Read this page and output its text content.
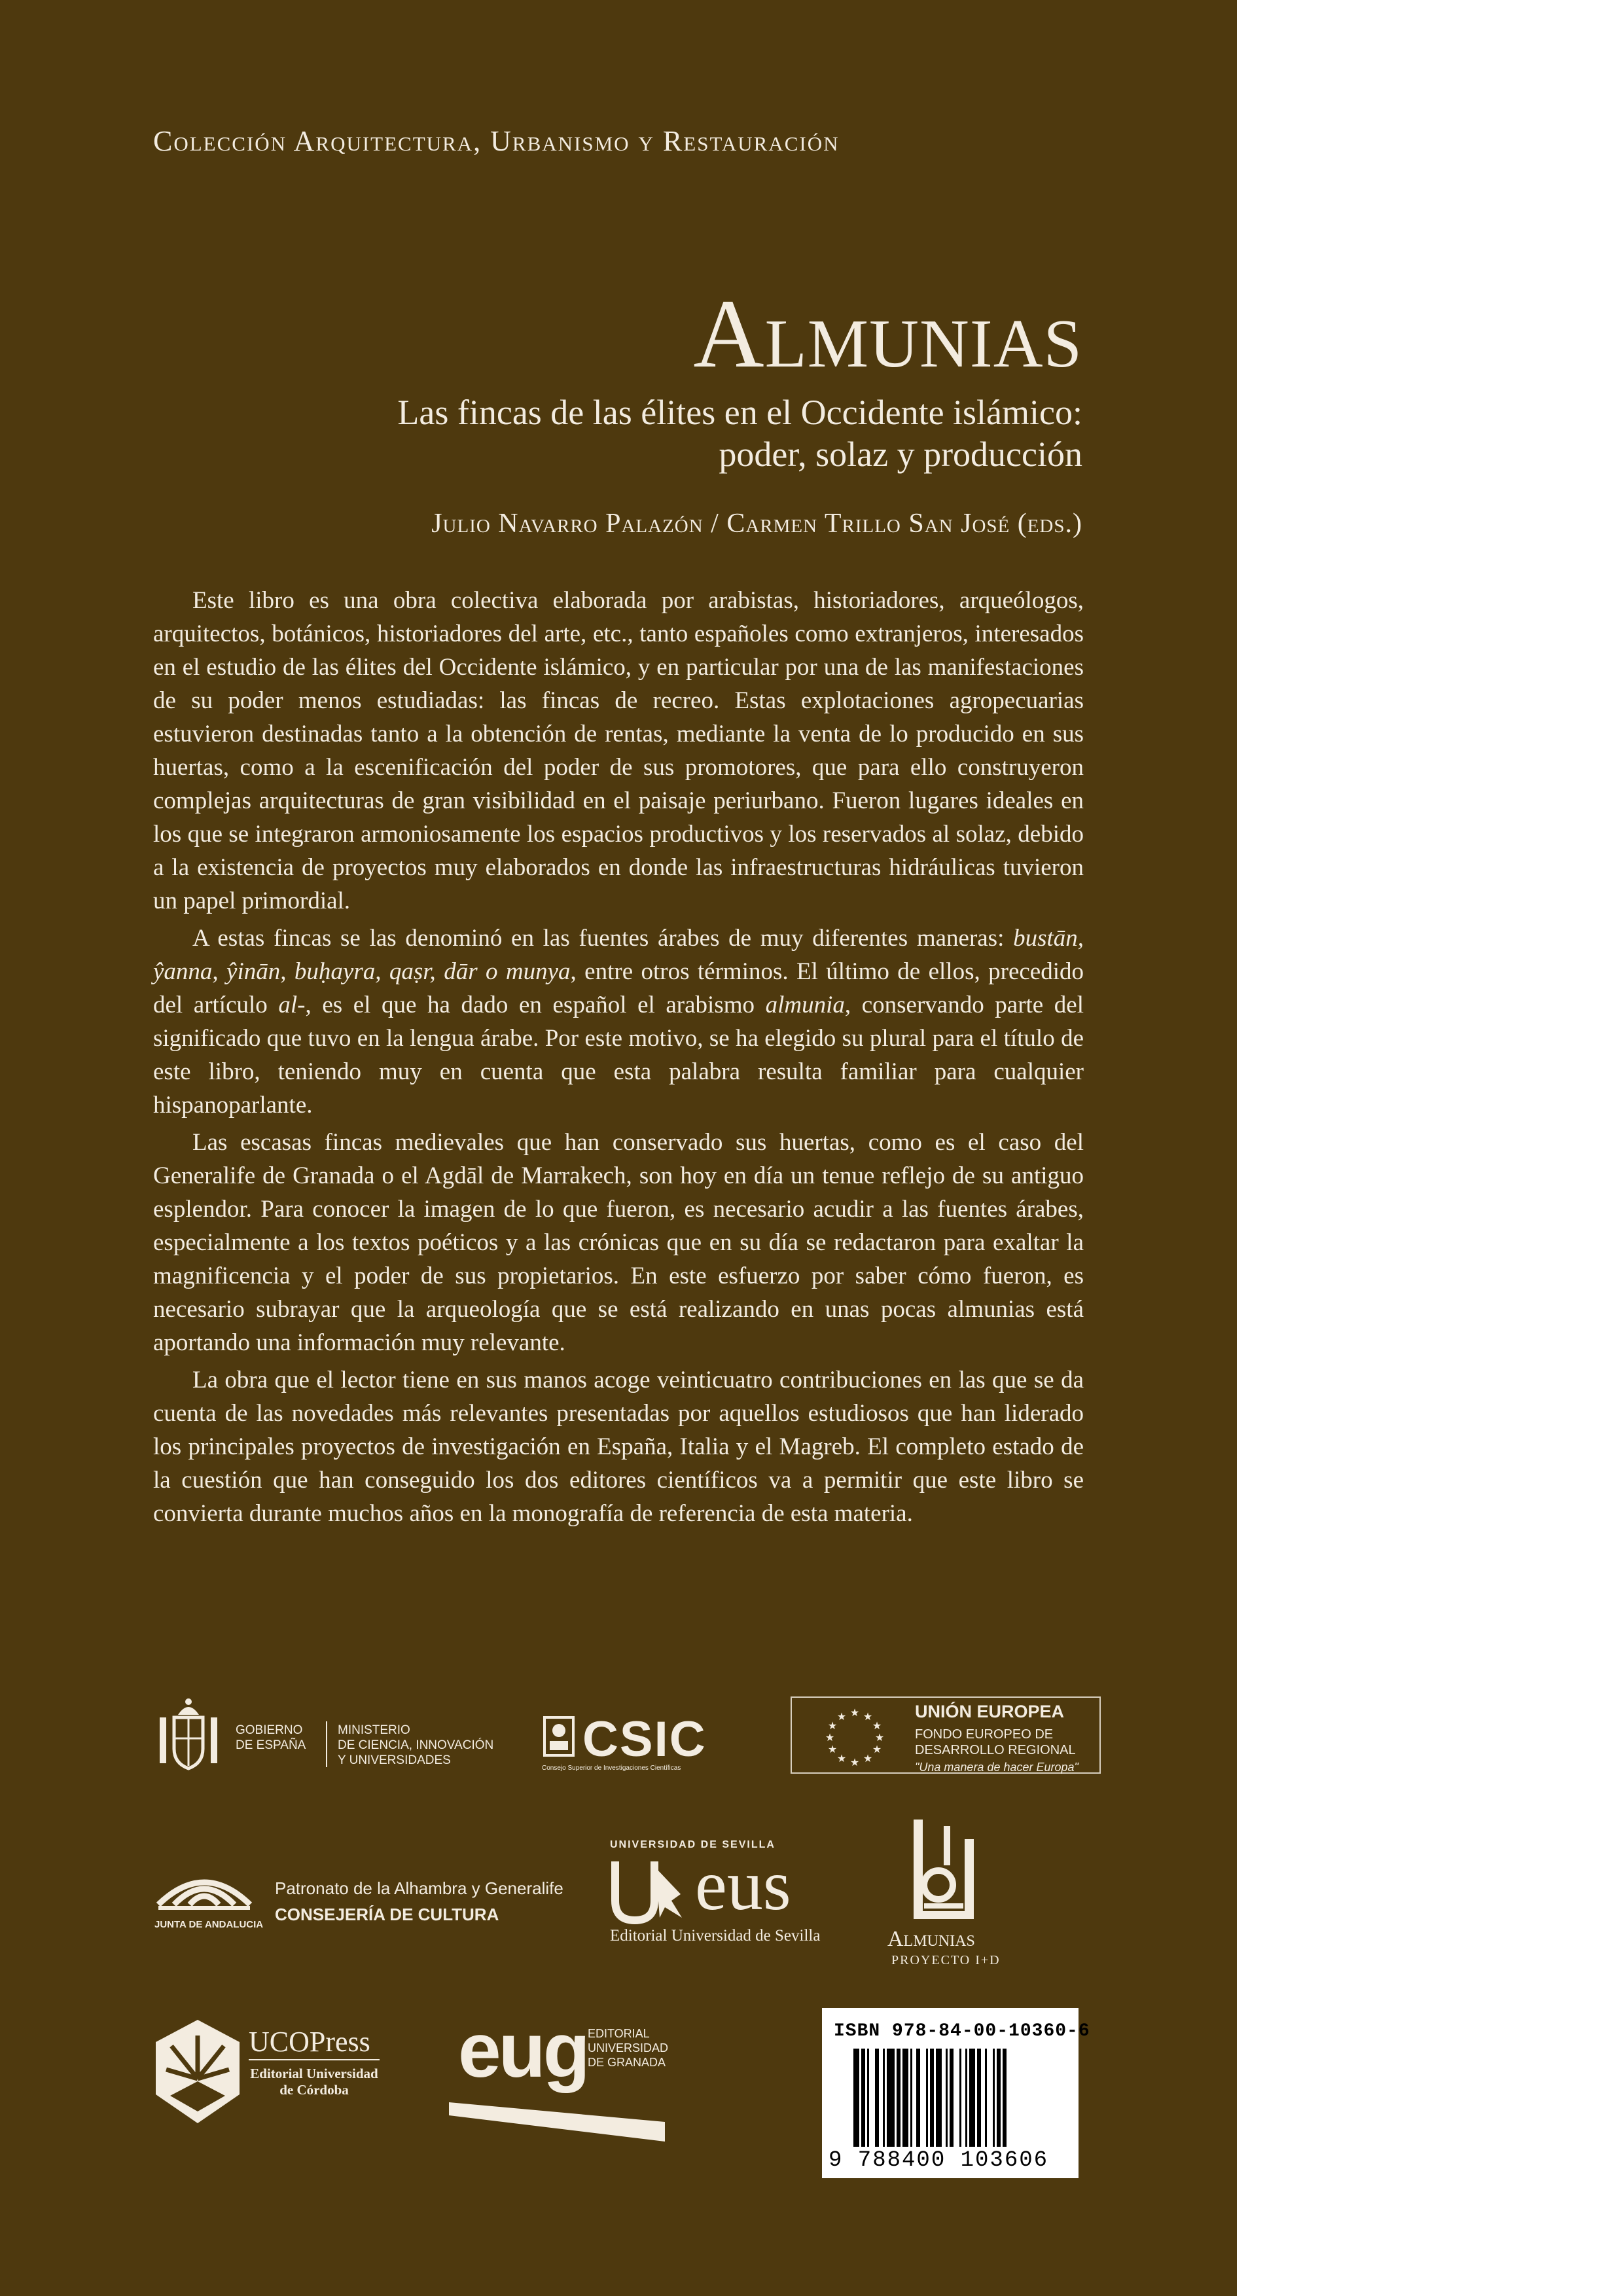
Colección Arquitectura, Urbanismo y Restauración
Almunias
Las fincas de las élites en el Occidente islámico:
poder, solaz y producción
Julio Navarro Palazón / Carmen Trillo San José (eds.)

Este libro es una obra colectiva elaborada por arabistas, historiadores, arqueólogos, arquitectos, botánicos, historiadores del arte, etc., tanto españoles como extranjeros, interesados en el estudio de las élites del Occidente islámico, y en particular por una de las manifestaciones de su poder menos estudiadas: las fincas de recreo. Estas explotaciones agropecuarias estuvieron destinadas tanto a la obtención de rentas, mediante la venta de lo producido en sus huertas, como a la escenificación del poder de sus promotores, que para ello construyeron complejas arquitecturas de gran visibilidad en el paisaje periurbano. Fueron lugares ideales en los que se integraron armoniosamente los espacios productivos y los reservados al solaz, debido a la existencia de proyectos muy elaborados en donde las infraestructuras hidráulicas tuvieron un papel primordial.

A estas fincas se las denominó en las fuentes árabes de muy diferentes maneras: bustān, ŷanna, ŷinān, buḥayra, qaṣr, dār o munya, entre otros términos. El último de ellos, precedido del artículo al-, es el que ha dado en español el arabismo almunia, conservando parte del significado que tuvo en la lengua árabe. Por este motivo, se ha elegido su plural para el título de este libro, teniendo muy en cuenta que esta palabra resulta familiar para cualquier hispanoparlante.

Las escasas fincas medievales que han conservado sus huertas, como es el caso del Generalife de Granada o el Agdāl de Marrakech, son hoy en día un tenue reflejo de su antiguo esplendor. Para conocer la imagen de lo que fueron, es necesario acudir a las fuentes árabes, especialmente a los textos poéticos y a las crónicas que en su día se redactaron para exaltar la magnificencia y el poder de sus propietarios. En este esfuerzo por saber cómo fueron, es necesario subrayar que la arqueología que se está realizando en unas pocas almunias está aportando una información muy relevante.

La obra que el lector tiene en sus manos acoge veinticuatro contribuciones en las que se da cuenta de las novedades más relevantes presentadas por aquellos estudiosos que han liderado los principales proyectos de investigación en España, Italia y el Magreb. El completo estado de la cuestión que han conseguido los dos editores científicos va a permitir que este libro se convierta durante muchos años en la monografía de referencia de esta materia.

GOBIERNO
DE ESPAÑA
MINISTERIO
DE CIENCIA, INNOVACIÓN
Y UNIVERSIDADES	CSIC
Consejo Superior de Investigaciones Científicas
★ ★
★
★
★
★
★
★
★
★
★
★	UNIÓN EUROPEA
FONDO EUROPEO DE
DESARROLLO REGIONAL
"Una manera de hacer Europa"
JUNTA DE ANDALUCIA
Patronato de la Alhambra y Generalife
CONSEJERÍA DE CULTURA
UNIVERSIDAD DE SEVILLA
eus
Editorial Universidad de Sevilla	Almunias
PROYECTO I+D
UCOPress
Editorial Universidad
de Córdoba	eug EDITORIAL
UNIVERSIDAD
DE GRANADA
ISBN 978-84-00-10360-6
9 788400 103606
